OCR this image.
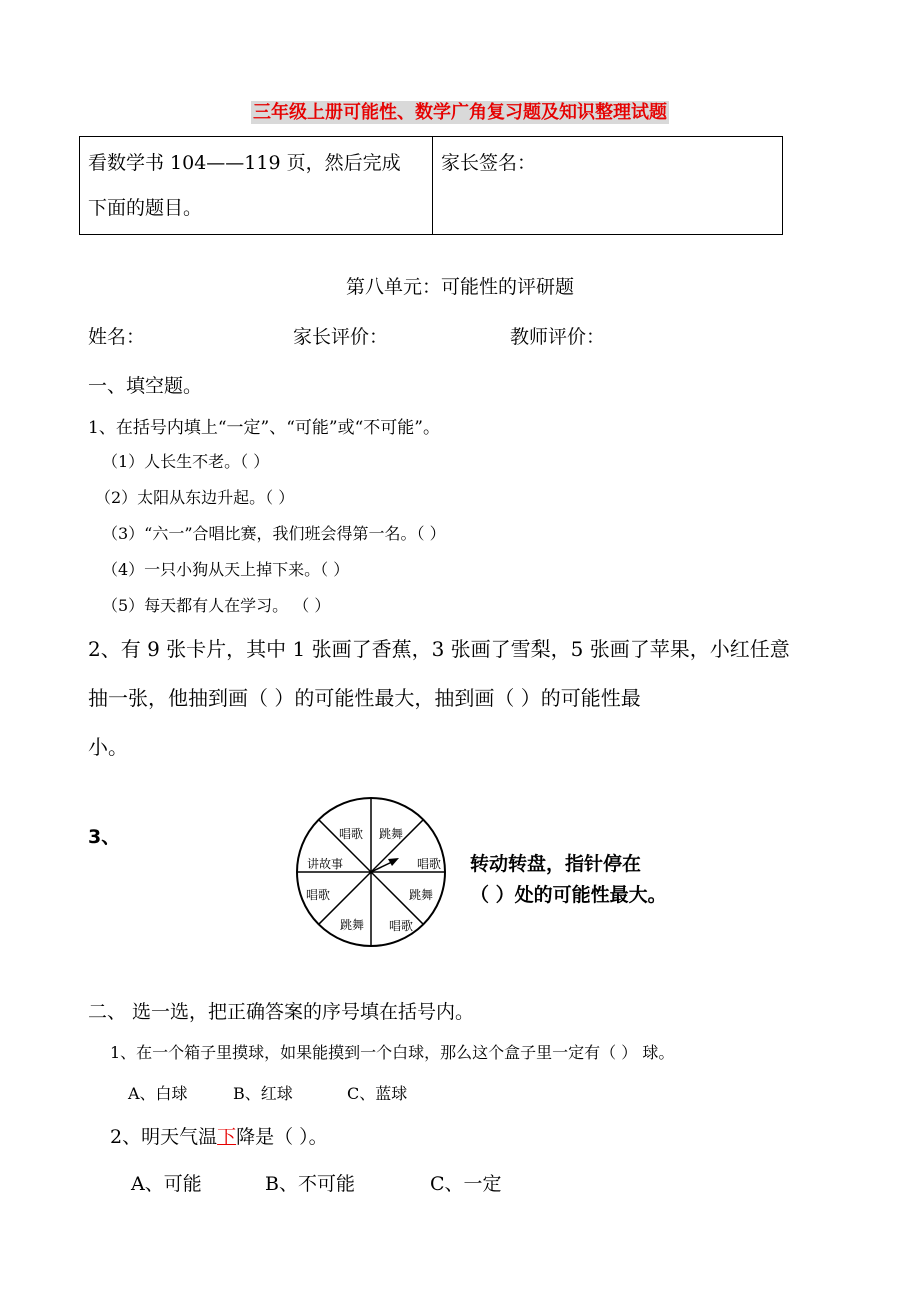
三年级上册可能性、数学广角复习题及知识整理试题
看数学书 104——119 页，然后完成
下面的题目。

家长签名：
第八单元：可能性的评研题
姓名：	家长评价：	教师评价：
一、填空题。
1、在括号内填上“一定”、“可能”或“不可能”。
（1）人长生不老。（ ）
（2）太阳从东边升起。（ ）
（3）“六一”合唱比赛，我们班会得第一名。（ ）
（4）一只小狗从天上掉下来。（ ）
（5）每天都有人在学习。 （ ）
2、有 9 张卡片，其中 1 张画了香蕉，3 张画了雪梨，5 张画了苹果，小红任意
抽一张，他抽到画（ ）的可能性最大，抽到画（ ）的可能性最
小。
3、	唱歌 跳舞
唱歌
跳舞
唱歌
跳舞
唱歌
讲故事	转动转盘，指针停在
（ ）处的可能性最大。
二、 选一选，把正确答案的序号填在括号内。
1、在一个箱子里摸球，如果能摸到一个白球，那么这个盒子里一定有（ ） 球。
A、白球	B、红球	C、蓝球
2、明天气温下降是（ ）。
A、可能	B、不可能	C、一定
